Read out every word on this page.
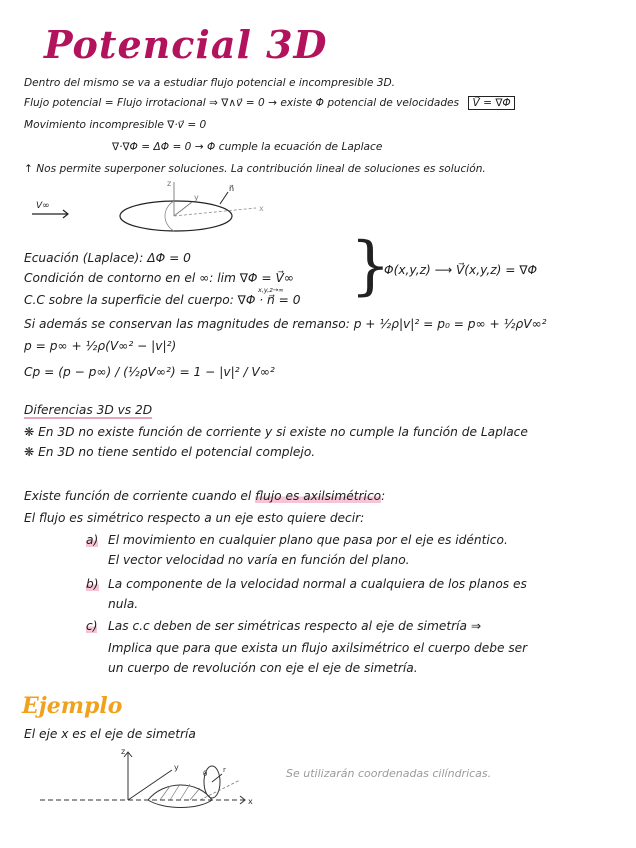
Potencial 3D
Dentro del mismo se va a estudiar flujo potencial e incompresible 3D.
Flujo potencial = Flujo irrotacional ⇒ ∇∧v⃗ = 0 → existe Φ potencial de velocidades V⃗ = ∇Φ
Movimiento incompresible ∇·v⃗ = 0
∇·∇Φ = ΔΦ = 0 → Φ cumple la ecuación de Laplace
↑ Nos permite superponer soluciones. La contribución lineal de soluciones es solución.
V∞
z
y
x
n⃗
Ecuación (Laplace): ΔΦ = 0
Condición de contorno en el ∞: lim ∇Φ = V⃗∞
x,y,z→∞
C.C sobre la superficie del cuerpo: ∇Φ · n⃗ = 0 }
Φ(x,y,z) ⟶ V⃗(x,y,z) = ∇Φ
Si además se conservan las magnitudes de remanso: p + ½ρ|v|² = p₀ = p∞ + ½ρV∞²
p = p∞ + ½ρ(V∞² − |v|²)
Cp = (p − p∞) / (½ρV∞²) = 1 − |v|² / V∞²
Diferencias 3D vs 2D
❋ En 3D no existe función de corriente y si existe no cumple la función de Laplace
❋ En 3D no tiene sentido el potencial complejo.
Existe función de corriente cuando el flujo es axilsimétrico:
El flujo es simétrico respecto a un eje esto quiere decir:
a) El movimiento en cualquier plano que pasa por el eje es idéntico.
El vector velocidad no varía en función del plano.
b) La componente de la velocidad normal a cualquiera de los planos es
nula.
c) Las c.c deben de ser simétricas respecto al eje de simetría ⇒
Implica que para que exista un flujo axilsimétrico el cuerpo debe ser
un cuerpo de revolución con eje el eje de simetría.
Ejemplo
El eje x es el eje de simetría
z
y
x
r
θ	Se utilizarán coordenadas cilíndricas.
